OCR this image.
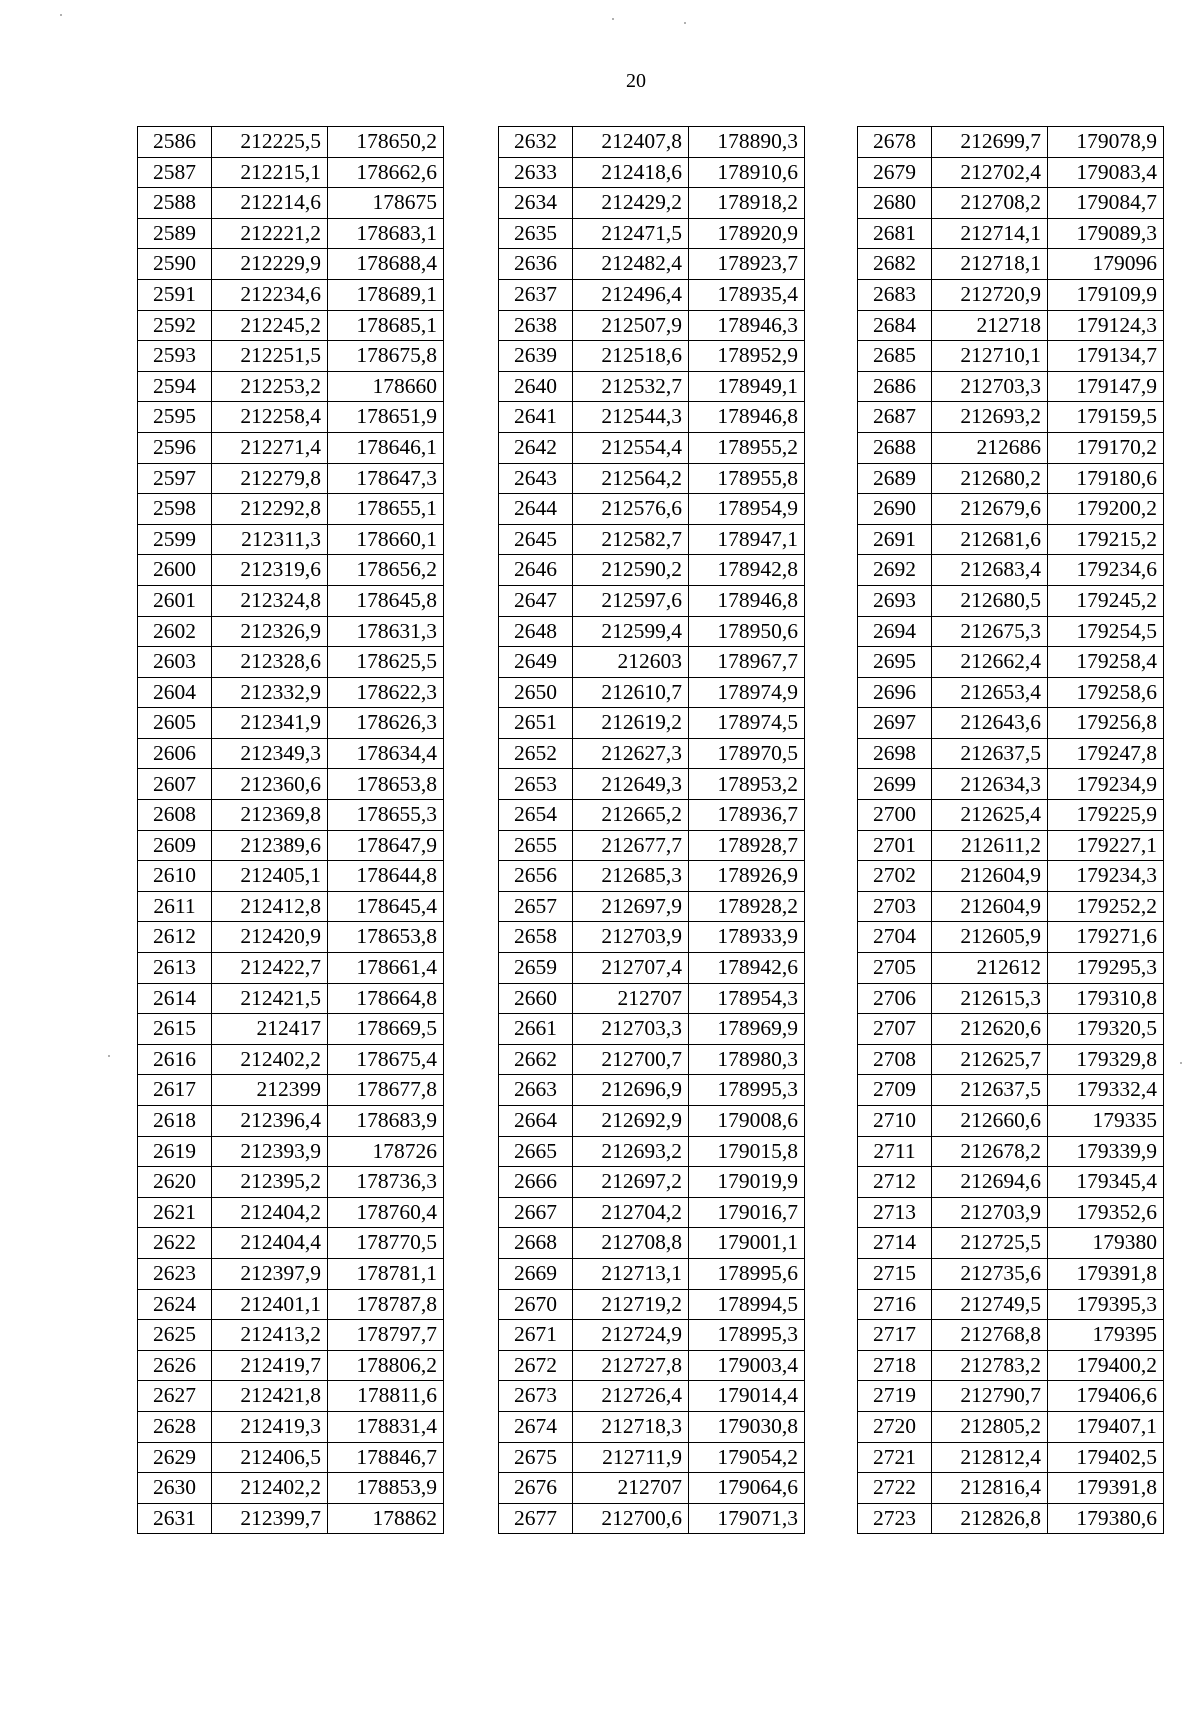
20
2586	212225,5	178650,2
2587	212215,1	178662,6
2588	212214,6	178675
2589	212221,2	178683,1
2590	212229,9	178688,4
2591	212234,6	178689,1
2592	212245,2	178685,1
2593	212251,5	178675,8
2594	212253,2	178660
2595	212258,4	178651,9
2596	212271,4	178646,1
2597	212279,8	178647,3
2598	212292,8	178655,1
2599	212311,3	178660,1
2600	212319,6	178656,2
2601	212324,8	178645,8
2602	212326,9	178631,3
2603	212328,6	178625,5
2604	212332,9	178622,3
2605	212341,9	178626,3
2606	212349,3	178634,4
2607	212360,6	178653,8
2608	212369,8	178655,3
2609	212389,6	178647,9
2610	212405,1	178644,8
2611	212412,8	178645,4
2612	212420,9	178653,8
2613	212422,7	178661,4
2614	212421,5	178664,8
2615	212417	178669,5
2616	212402,2	178675,4
2617	212399	178677,8
2618	212396,4	178683,9
2619	212393,9	178726
2620	212395,2	178736,3
2621	212404,2	178760,4
2622	212404,4	178770,5
2623	212397,9	178781,1
2624	212401,1	178787,8
2625	212413,2	178797,7
2626	212419,7	178806,2
2627	212421,8	178811,6
2628	212419,3	178831,4
2629	212406,5	178846,7
2630	212402,2	178853,9
2631	212399,7	178862
2632	212407,8	178890,3
2633	212418,6	178910,6
2634	212429,2	178918,2
2635	212471,5	178920,9
2636	212482,4	178923,7
2637	212496,4	178935,4
2638	212507,9	178946,3
2639	212518,6	178952,9
2640	212532,7	178949,1
2641	212544,3	178946,8
2642	212554,4	178955,2
2643	212564,2	178955,8
2644	212576,6	178954,9
2645	212582,7	178947,1
2646	212590,2	178942,8
2647	212597,6	178946,8
2648	212599,4	178950,6
2649	212603	178967,7
2650	212610,7	178974,9
2651	212619,2	178974,5
2652	212627,3	178970,5
2653	212649,3	178953,2
2654	212665,2	178936,7
2655	212677,7	178928,7
2656	212685,3	178926,9
2657	212697,9	178928,2
2658	212703,9	178933,9
2659	212707,4	178942,6
2660	212707	178954,3
2661	212703,3	178969,9
2662	212700,7	178980,3
2663	212696,9	178995,3
2664	212692,9	179008,6
2665	212693,2	179015,8
2666	212697,2	179019,9
2667	212704,2	179016,7
2668	212708,8	179001,1
2669	212713,1	178995,6
2670	212719,2	178994,5
2671	212724,9	178995,3
2672	212727,8	179003,4
2673	212726,4	179014,4
2674	212718,3	179030,8
2675	212711,9	179054,2
2676	212707	179064,6
2677	212700,6	179071,3
2678	212699,7	179078,9
2679	212702,4	179083,4
2680	212708,2	179084,7
2681	212714,1	179089,3
2682	212718,1	179096
2683	212720,9	179109,9
2684	212718	179124,3
2685	212710,1	179134,7
2686	212703,3	179147,9
2687	212693,2	179159,5
2688	212686	179170,2
2689	212680,2	179180,6
2690	212679,6	179200,2
2691	212681,6	179215,2
2692	212683,4	179234,6
2693	212680,5	179245,2
2694	212675,3	179254,5
2695	212662,4	179258,4
2696	212653,4	179258,6
2697	212643,6	179256,8
2698	212637,5	179247,8
2699	212634,3	179234,9
2700	212625,4	179225,9
2701	212611,2	179227,1
2702	212604,9	179234,3
2703	212604,9	179252,2
2704	212605,9	179271,6
2705	212612	179295,3
2706	212615,3	179310,8
2707	212620,6	179320,5
2708	212625,7	179329,8
2709	212637,5	179332,4
2710	212660,6	179335
2711	212678,2	179339,9
2712	212694,6	179345,4
2713	212703,9	179352,6
2714	212725,5	179380
2715	212735,6	179391,8
2716	212749,5	179395,3
2717	212768,8	179395
2718	212783,2	179400,2
2719	212790,7	179406,6
2720	212805,2	179407,1
2721	212812,4	179402,5
2722	212816,4	179391,8
2723	212826,8	179380,6
